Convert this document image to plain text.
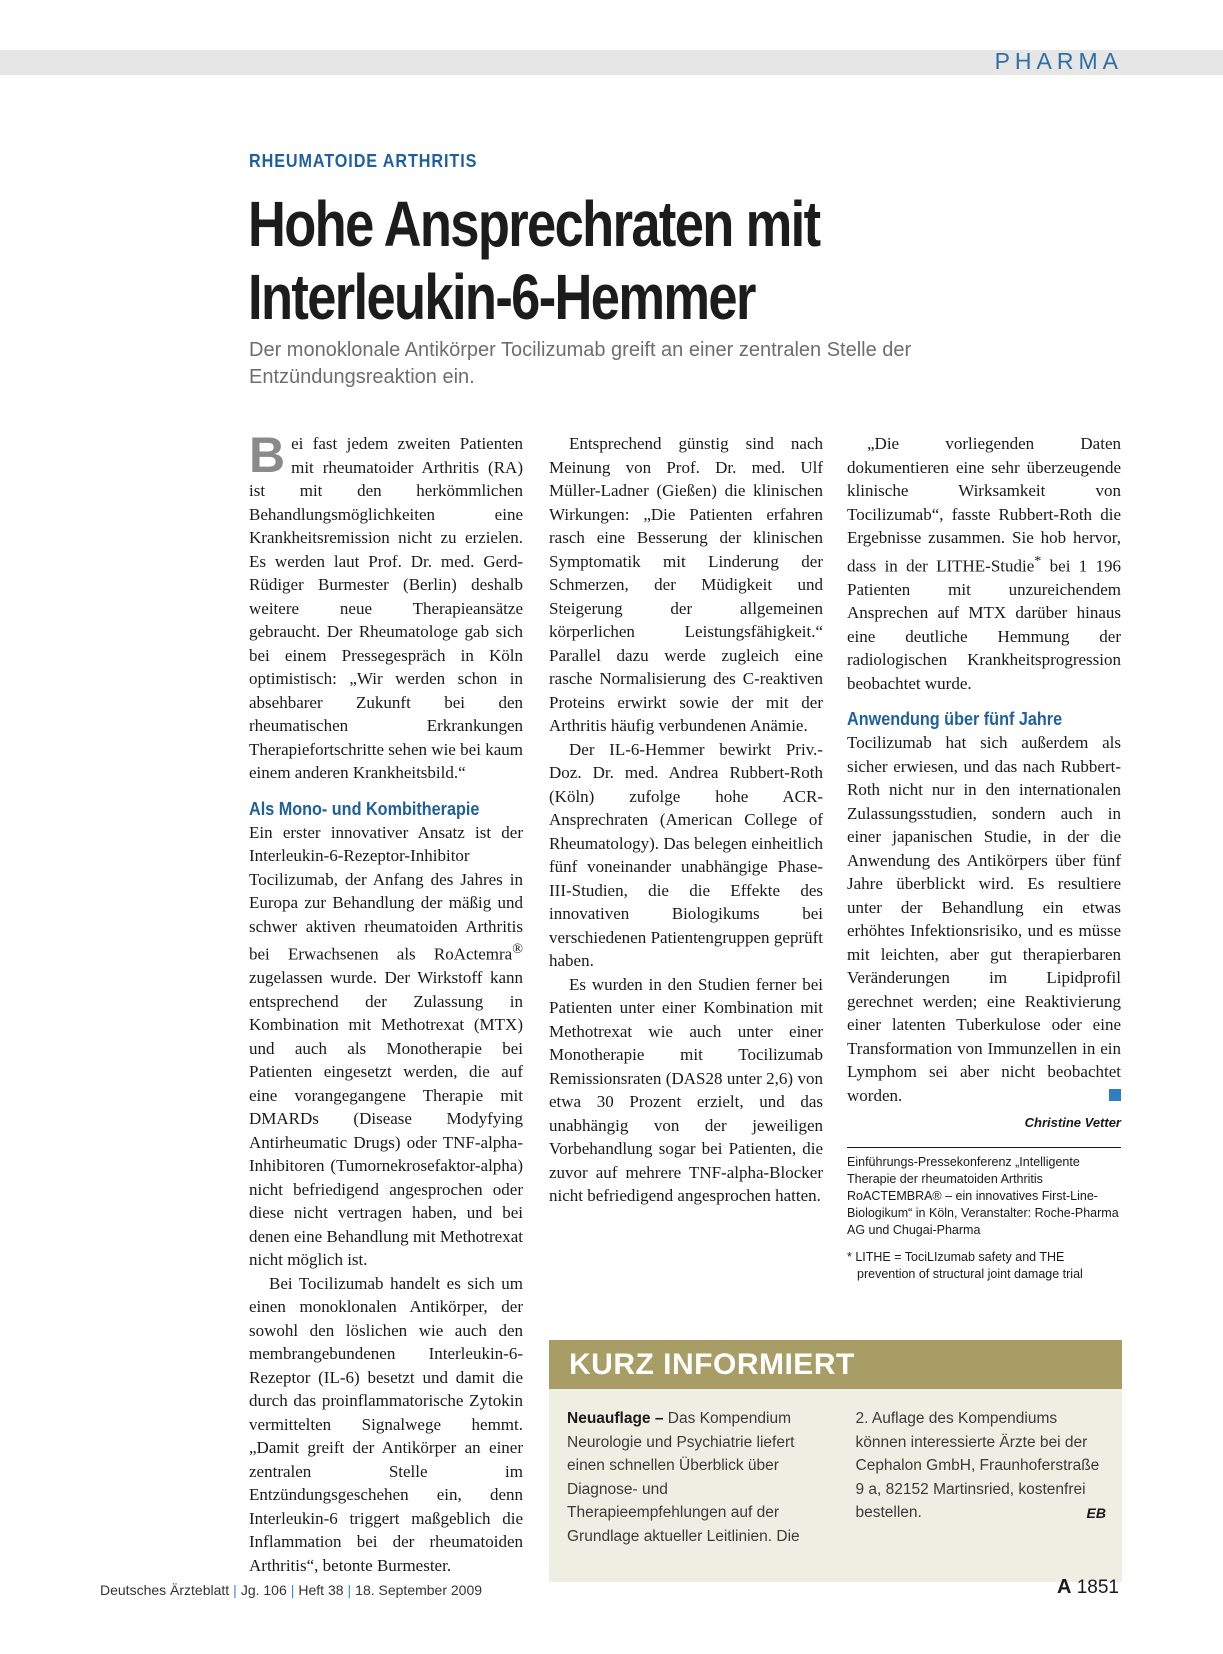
PHARMA
RHEUMATOIDE ARTHRITIS
Hohe Ansprechraten mit Interleukin-6-Hemmer
Der monoklonale Antikörper Tocilizumab greift an einer zentralen Stelle der Entzündungsreaktion ein.

Bei fast jedem zweiten Patienten mit rheumatoider Arthritis (RA) ist mit den herkömmlichen Behandlungsmöglichkeiten eine Krankheitsremission nicht zu erzielen. Es werden laut Prof. Dr. med. Gerd-Rüdiger Burmester (Berlin) deshalb weitere neue Therapieansätze gebraucht. Der Rheumatologe gab sich bei einem Pressegespräch in Köln optimistisch: „Wir werden schon in absehbarer Zukunft bei den rheumatischen Erkrankungen Therapiefortschritte sehen wie bei kaum einem anderen Krankheitsbild.“

Als Mono- und Kombitherapie

Ein erster innovativer Ansatz ist der Interleukin-6-Rezeptor-Inhibitor Tocilizumab, der Anfang des Jahres in Europa zur Behandlung der mäßig und schwer aktiven rheumatoiden Arthritis bei Erwachsenen als RoActemra® zugelassen wurde. Der Wirkstoff kann entsprechend der Zulassung in Kombination mit Methotrexat (MTX) und auch als Monotherapie bei Patienten eingesetzt werden, die auf eine vorangegangene Therapie mit DMARDs (Disease Modyfying Antirheumatic Drugs) oder TNF-alpha-Inhibitoren (Tumornekrosefaktor-alpha) nicht befriedigend angesprochen oder diese nicht vertragen haben, und bei denen eine Behandlung mit Methotrexat nicht möglich ist.

Bei Tocilizumab handelt es sich um einen monoklonalen Antikörper, der sowohl den löslichen wie auch den membrangebundenen Interleukin-6-Rezeptor (IL-6) besetzt und damit die durch das proinflammatorische Zytokin vermittelten Signalwege hemmt. „Damit greift der Antikörper an einer zentralen Stelle im Entzündungsgeschehen ein, denn Interleukin-6 triggert maßgeblich die Inflammation bei der rheumatoiden Arthritis“, betonte Burmester.

Entsprechend günstig sind nach Meinung von Prof. Dr. med. Ulf Müller-Ladner (Gießen) die klinischen Wirkungen: „Die Patienten erfahren rasch eine Besserung der klinischen Symptomatik mit Linderung der Schmerzen, der Müdigkeit und Steigerung der allgemeinen körperlichen Leistungsfähigkeit.“ Parallel dazu werde zugleich eine rasche Normalisierung des C-reaktiven Proteins erwirkt sowie der mit der Arthritis häufig verbundenen Anämie.

Der IL-6-Hemmer bewirkt Priv.-Doz. Dr. med. Andrea Rubbert-Roth (Köln) zufolge hohe ACR-Ansprechraten (American College of Rheumatology). Das belegen einheitlich fünf voneinander unabhängige Phase-III-Studien, die die Effekte des innovativen Biologikums bei verschiedenen Patientengruppen geprüft haben.

Es wurden in den Studien ferner bei Patienten unter einer Kombination mit Methotrexat wie auch unter einer Monotherapie mit Tocilizumab Remissionsraten (DAS28 unter 2,6) von etwa 30 Prozent erzielt, und das unabhängig von der jeweiligen Vorbehandlung sogar bei Patienten, die zuvor auf mehrere TNF-alpha-Blocker nicht befriedigend angesprochen hatten.

„Die vorliegenden Daten dokumentieren eine sehr überzeugende klinische Wirksamkeit von Tocilizumab“, fasste Rubbert-Roth die Ergebnisse zusammen. Sie hob hervor, dass in der LITHE-Studie* bei 1 196 Patienten mit unzureichendem Ansprechen auf MTX darüber hinaus eine deutliche Hemmung der radiologischen Krankheitsprogression beobachtet wurde.

Anwendung über fünf Jahre

Tocilizumab hat sich außerdem als sicher erwiesen, und das nach Rubbert-Roth nicht nur in den internationalen Zulassungsstudien, sondern auch in einer japanischen Studie, in der die Anwendung des Antikörpers über fünf Jahre überblickt wird. Es resultiere unter der Behandlung ein etwas erhöhtes Infektionsrisiko, und es müsse mit leichten, aber gut therapierbaren Veränderungen im Lipidprofil gerechnet werden; eine Reaktivierung einer latenten Tuberkulose oder eine Transformation von Immunzellen in ein Lymphom sei aber nicht beobachtet worden.

Christine Vetter
Einführungs-Pressekonferenz „Intelligente Therapie der rheumatoiden Arthritis RoACTEMBRA® – ein innovatives First-Line-Biologikum“ in Köln, Veranstalter: Roche-Pharma AG und Chugai-Pharma
* LITHE = TociLIzumab safety and THE prevention of structural joint damage trial
KURZ INFORMIERT
Neuauflage – Das Kompendium Neurologie und Psychiatrie liefert einen schnellen Überblick über Diagnose- und Therapieempfehlungen auf der Grundlage aktueller Leitlinien. Die 2. Auflage des Kompendiums können interessierte Ärzte bei der Cephalon GmbH, Fraunhoferstraße 9 a, 82152 Martinsried, kostenfrei bestellen.	EB
Deutsches Ärzteblatt | Jg. 106 | Heft 38 | 18. September 2009	A 1851
